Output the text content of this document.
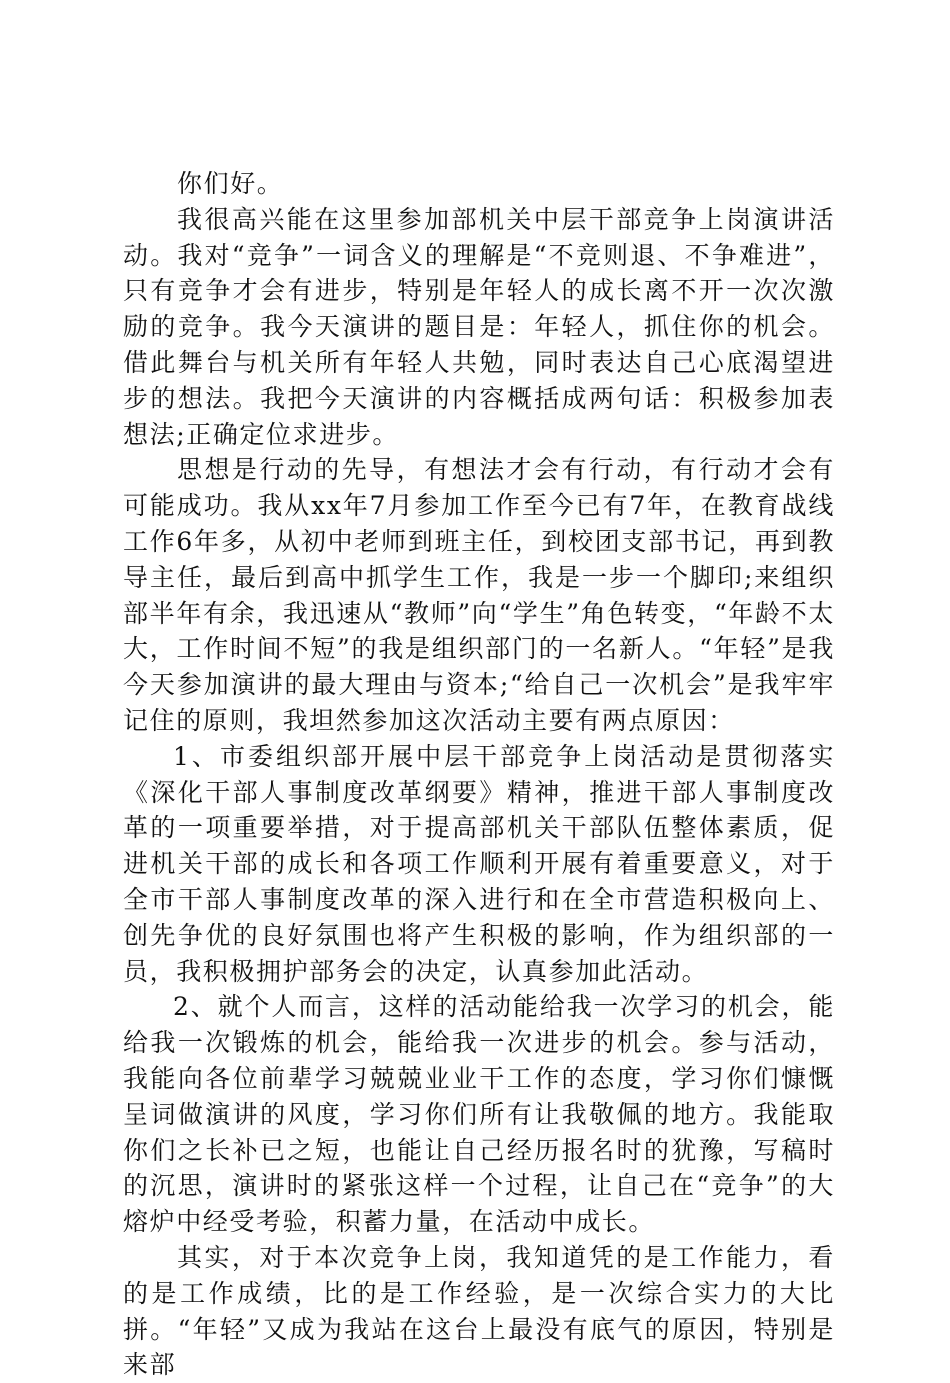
你们好。

我很高兴能在这里参加部机关中层干部竞争上岗演讲活动。我对“竞争”一词含义的理解是“不竞则退、不争难进”，只有竞争才会有进步，特别是年轻人的成长离不开一次次激励的竞争。我今天演讲的题目是：年轻人，抓住你的机会。借此舞台与机关所有年轻人共勉，同时表达自己心底渴望进步的想法。我把今天演讲的内容概括成两句话：积极参加表想法;正确定位求进步。

思想是行动的先导，有想法才会有行动，有行动才会有可能成功。我从xx年7月参加工作至今已有7年，在教育战线工作6年多，从初中老师到班主任，到校团支部书记，再到教导主任，最后到高中抓学生工作，我是一步一个脚印;来组织部半年有余，我迅速从“教师”向“学生”角色转变，“年龄不太大，工作时间不短”的我是组织部门的一名新人。“年轻”是我今天参加演讲的最大理由与资本;“给自己一次机会”是我牢牢记住的原则，我坦然参加这次活动主要有两点原因：

1、市委组织部开展中层干部竞争上岗活动是贯彻落实《深化干部人事制度改革纲要》精神，推进干部人事制度改革的一项重要举措，对于提高部机关干部队伍整体素质，促进机关干部的成长和各项工作顺利开展有着重要意义，对于全市干部人事制度改革的深入进行和在全市营造积极向上、创先争优的良好氛围也将产生积极的影响，作为组织部的一员，我积极拥护部务会的决定，认真参加此活动。

2、就个人而言，这样的活动能给我一次学习的机会，能给我一次锻炼的机会，能给我一次进步的机会。参与活动，我能向各位前辈学习兢兢业业干工作的态度，学习你们慷慨呈词做演讲的风度，学习你们所有让我敬佩的地方。我能取你们之长补已之短，也能让自己经历报名时的犹豫，写稿时的沉思，演讲时的紧张这样一个过程，让自己在“竞争”的大熔炉中经受考验，积蓄力量，在活动中成长。

其实，对于本次竞争上岗，我知道凭的是工作能力，看的是工作成绩，比的是工作经验，是一次综合实力的大比拼。“年轻”又成为我站在这台上最没有底气的原因，特别是来部
